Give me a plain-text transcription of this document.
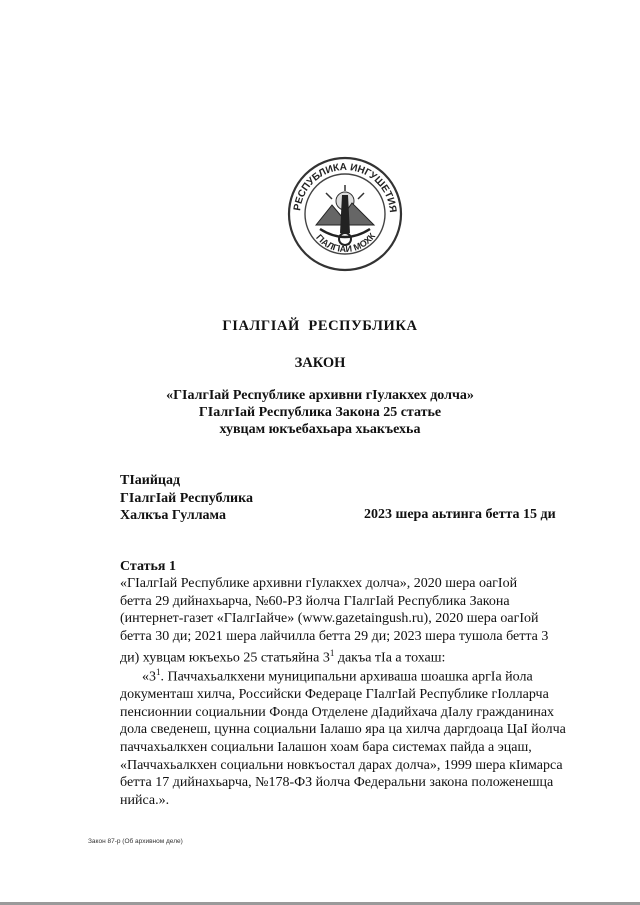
РЕСПУБЛИКА ИНГУШЕТИЯ
ГIАЛГIАЙ МОХК
ГIАЛГIАЙ  РЕСПУБЛИКА
ЗАКОН
«ГIалгIай Республике архивни гIулакхех долча»
ГIалгIай Республика Закона 25 статье
хувцам юкъебахьара хьакъехьа
ТIаийцад
ГIалгIай Республика
Халкъа Гуллама	2023 шера аьтинга бетта 15 ди
Статья 1
«ГIалгIай Республике архивни гIулакхех долча», 2020 шера оагIой
бетта 29 дийнахьарча, №60-РЗ йолча ГIалгIай Республика Закона
(интернет-газет «ГIалгIайче» (www.gazetaingush.ru), 2020 шера оагIой
бетта 30 ди; 2021 шера лайчилла бетта 29 ди; 2023 шера тушола бетта 3
ди) хувцам юкъехьо 25 статьяйна $3^1$ дакъа тIа а тохаш:
«$3^1$. Паччахьалкхени муниципальни архиваша шоашка аргIа йола
документаш хилча, Российски Федераце ГIалгIай Республике гIолларча
пенсионнии социальнии Фонда Отделене дIадийхача дIалу гражданинах
дола сведенеш, цунна социальни Iалашо яра ца хилча даргдоаца ЦаI йолча
паччахьалкхен социальни Iалашон хоам бара системах пайда а эцаш,
«Паччахьалкхен социальни новкъостал дарах долча», 1999 шера кIимарса
бетта 17 дийнахьарча, №178-ФЗ йолча Федеральни закона положенешца
нийса.».
Закон 87-р (Об архивном деле)
